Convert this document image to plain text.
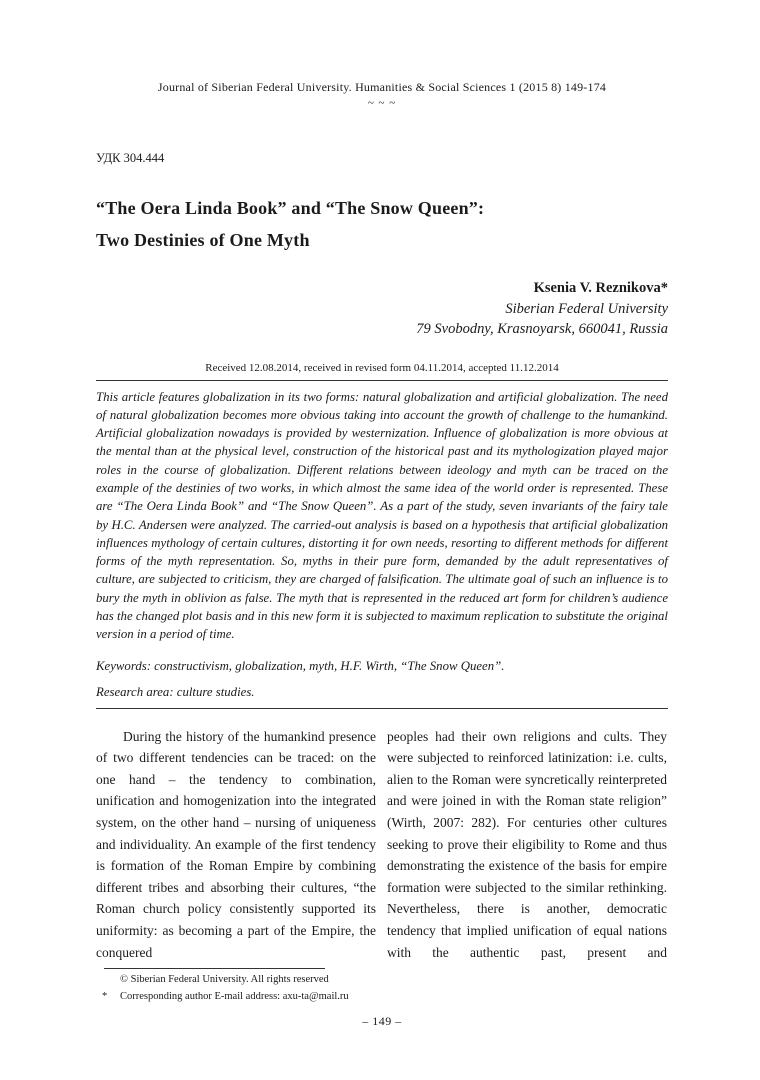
Journal of Siberian Federal University. Humanities & Social Sciences 1 (2015 8) 149-174
~ ~ ~
УДК 304.444
“The Oera Linda Book” and “The Snow Queen”:
Two Destinies of One Myth
Ksenia V. Reznikova*
Siberian Federal University
79 Svobodny, Krasnoyarsk, 660041, Russia
Received 12.08.2014, received in revised form 04.11.2014, accepted 11.12.2014

This article features globalization in its two forms: natural globalization and artificial globalization. The need of natural globalization becomes more obvious taking into account the growth of challenge to the humankind. Artificial globalization nowadays is provided by westernization. Influence of globalization is more obvious at the mental than at the physical level, construction of the historical past and its mythologization played major roles in the course of globalization. Different relations between ideology and myth can be traced on the example of the destinies of two works, in which almost the same idea of the world order is represented. These are “The Oera Linda Book” and “The Snow Queen”. As a part of the study, seven invariants of the fairy tale by H.C. Andersen were analyzed. The carried-out analysis is based on a hypothesis that artificial globalization influences mythology of certain cultures, distorting it for own needs, resorting to different methods for different forms of the myth representation. So, myths in their pure form, demanded by the adult representatives of culture, are subjected to criticism, they are charged of falsification. The ultimate goal of such an influence is to bury the myth in oblivion as false. The myth that is represented in the reduced art form for children’s audience has the changed plot basis and in this new form it is subjected to maximum replication to substitute the original version in a period of time.

Keywords: constructivism, globalization, myth, H.F. Wirth, “The Snow Queen”.

Research area: culture studies.

During the history of the humankind presence of two different tendencies can be traced: on the one hand – the tendency to combination, unification and homogenization into the integrated system, on the other hand – nursing of uniqueness and individuality. An example of the first tendency is formation of the Roman Empire by combining different tribes and absorbing their cultures, “the Roman church policy consistently supported its uniformity: as becoming a part of the Empire, the conquered

peoples had their own religions and cults. They were subjected to reinforced latinization: i.e. cults, alien to the Roman were syncretically reinterpreted and were joined in with the Roman state religion” (Wirth, 2007: 282). For centuries other cultures seeking to prove their eligibility to Rome and thus demonstrating the existence of the basis for empire formation were subjected to the similar rethinking. Nevertheless, there is another, democratic tendency that implied unification of equal nations with the authentic past, present and

© Siberian Federal University. All rights reserved
*	Corresponding author E-mail address: axu-ta@mail.ru
– 149 –
